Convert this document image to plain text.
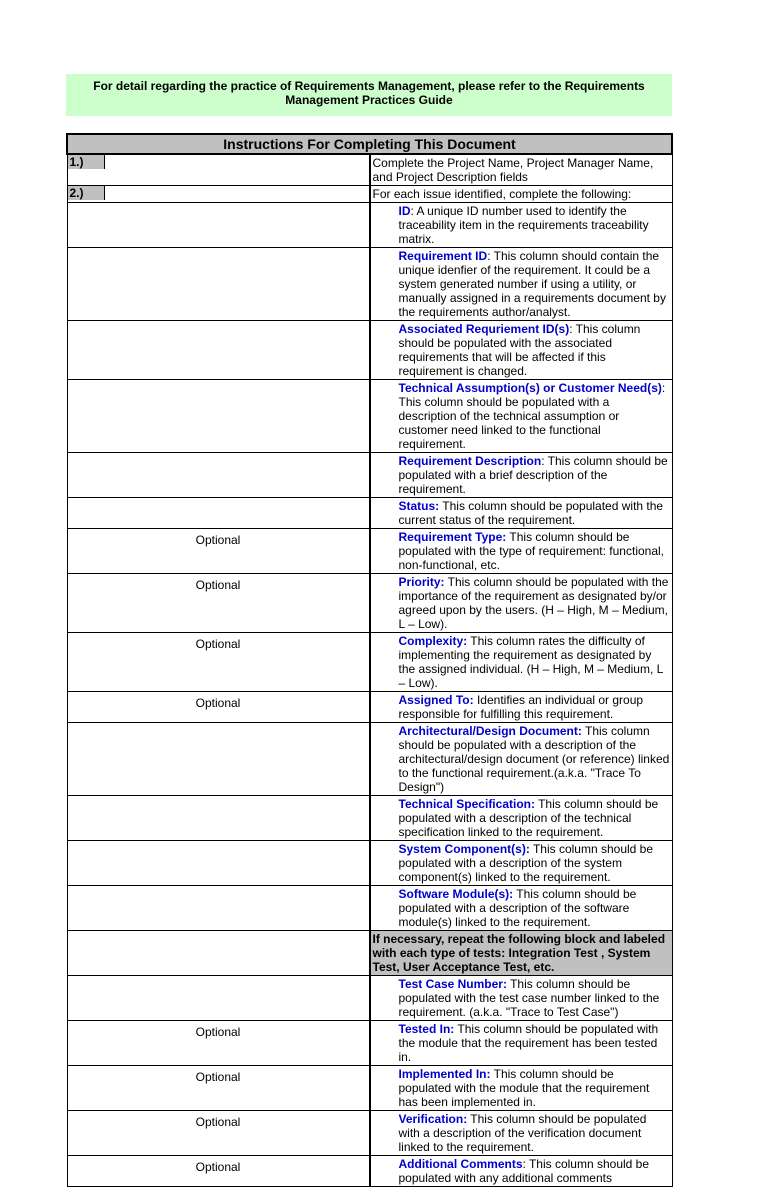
For detail regarding the practice of Requirements Management, please refer to the Requirements Management Practices Guide
Instructions For Completing This Document	

1.)	Complete the Project Name, Project Manager Name, and Project Description fields

2.)	For each issue identified, complete the following:
	ID: A unique ID number used to identify the traceability item in the requirements traceability matrix.
	Requirement ID: This column should contain the unique idenfier of the requirement. It could be a system generated number if using a utility, or manually assigned in a requirements document by the requirements author/analyst.
	Associated Requriement ID(s): This column should be populated with the associated requirements that will be affected if this requirement is changed.
	Technical Assumption(s) or Customer Need(s): This column should be populated with a description of the technical assumption or customer need linked to the functional requirement.
	Requirement Description: This column should be populated with a brief description of the requirement.
	Status: This column should be populated with the current status of the requirement.
Optional	Requirement Type: This column should be populated with the type of requirement: functional, non-functional, etc.
Optional	Priority: This column should be populated with the importance of the requirement as designated by/or agreed upon by the users. (H – High, M – Medium, L – Low).
Optional	Complexity: This column rates the difficulty of implementing the requirement as designated by the assigned individual. (H – High, M – Medium, L – Low).
Optional	Assigned To: Identifies an individual or group responsible for fulfilling this requirement.
	Architectural/Design Document: This column should be populated with a description of the architectural/design document (or reference) linked to the functional requirement.(a.k.a. "Trace To Design")
	Technical Specification: This column should be populated with a description of the technical specification linked to the requirement.
	System Component(s): This column should be populated with a description of the system component(s) linked to the requirement.
	Software Module(s): This column should be populated with a description of the software module(s) linked to the requirement.
	If necessary, repeat the following block and labeled with each type of tests: Integration Test , System Test, User Acceptance Test, etc.
	Test Case Number: This column should be populated with the test case number linked to the requirement. (a.k.a. "Trace to Test Case")
Optional	Tested In: This column should be populated with the module that the requirement has been tested in.
Optional	Implemented In: This column should be populated with the module that the requirement has been implemented in.
Optional	Verification: This column should be populated with a description of the verification document linked to the requirement.
Optional	Additional Comments: This column should be populated with any additional comments
